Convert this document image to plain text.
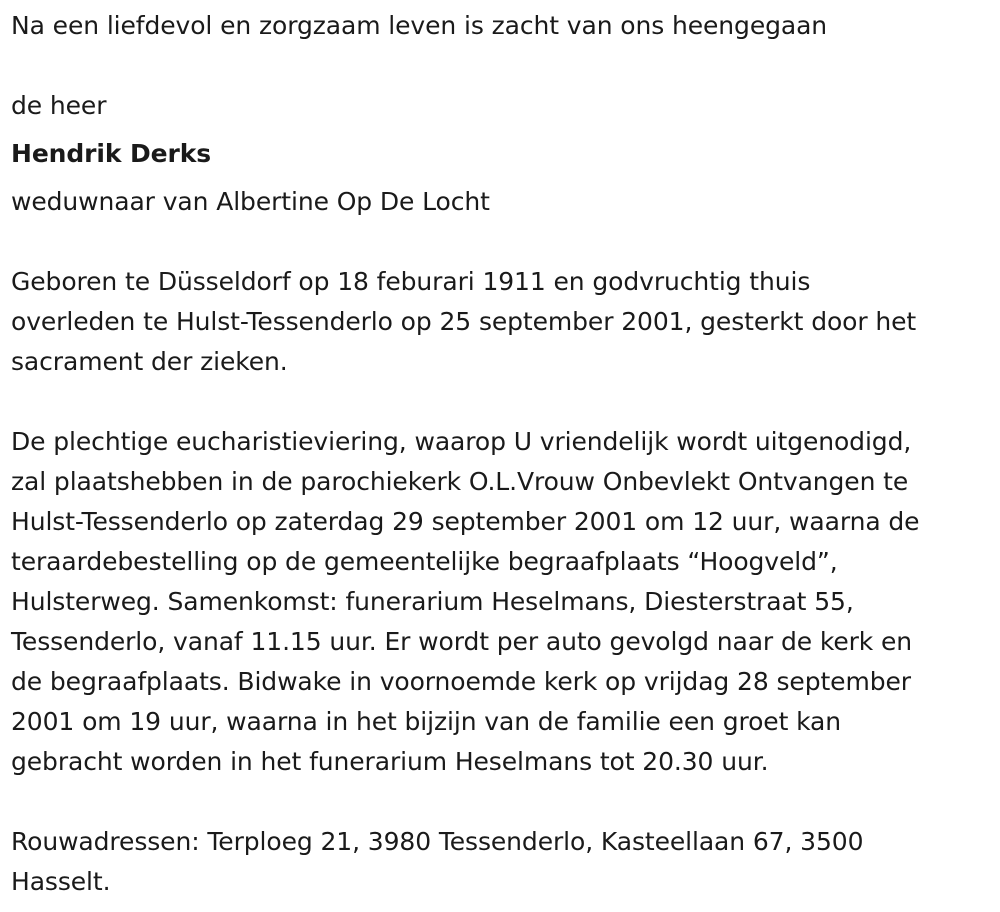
Na een liefdevol en zorgzaam leven is zacht van ons heengegaan
de heer
Hendrik Derks
weduwnaar van Albertine Op De Locht
Geboren te Düsseldorf op 18 feburari 1911 en godvruchtig thuis
overleden te Hulst-Tessenderlo op 25 september 2001, gesterkt door het
sacrament der zieken.
De plechtige eucharistieviering, waarop U vriendelijk wordt uitgenodigd,
zal plaatshebben in de parochiekerk O.L.Vrouw Onbevlekt Ontvangen te
Hulst-Tessenderlo op zaterdag 29 september 2001 om 12 uur, waarna de
teraardebestelling op de gemeentelijke begraafplaats “Hoogveld”,
Hulsterweg. Samenkomst: funerarium Heselmans, Diesterstraat 55,
Tessenderlo, vanaf 11.15 uur. Er wordt per auto gevolgd naar de kerk en
de begraafplaats. Bidwake in voornoemde kerk op vrijdag 28 september
2001 om 19 uur, waarna in het bijzijn van de familie een groet kan
gebracht worden in het funerarium Heselmans tot 20.30 uur.
Rouwadressen: Terploeg 21, 3980 Tessenderlo, Kasteellaan 67, 3500
Hasselt.
